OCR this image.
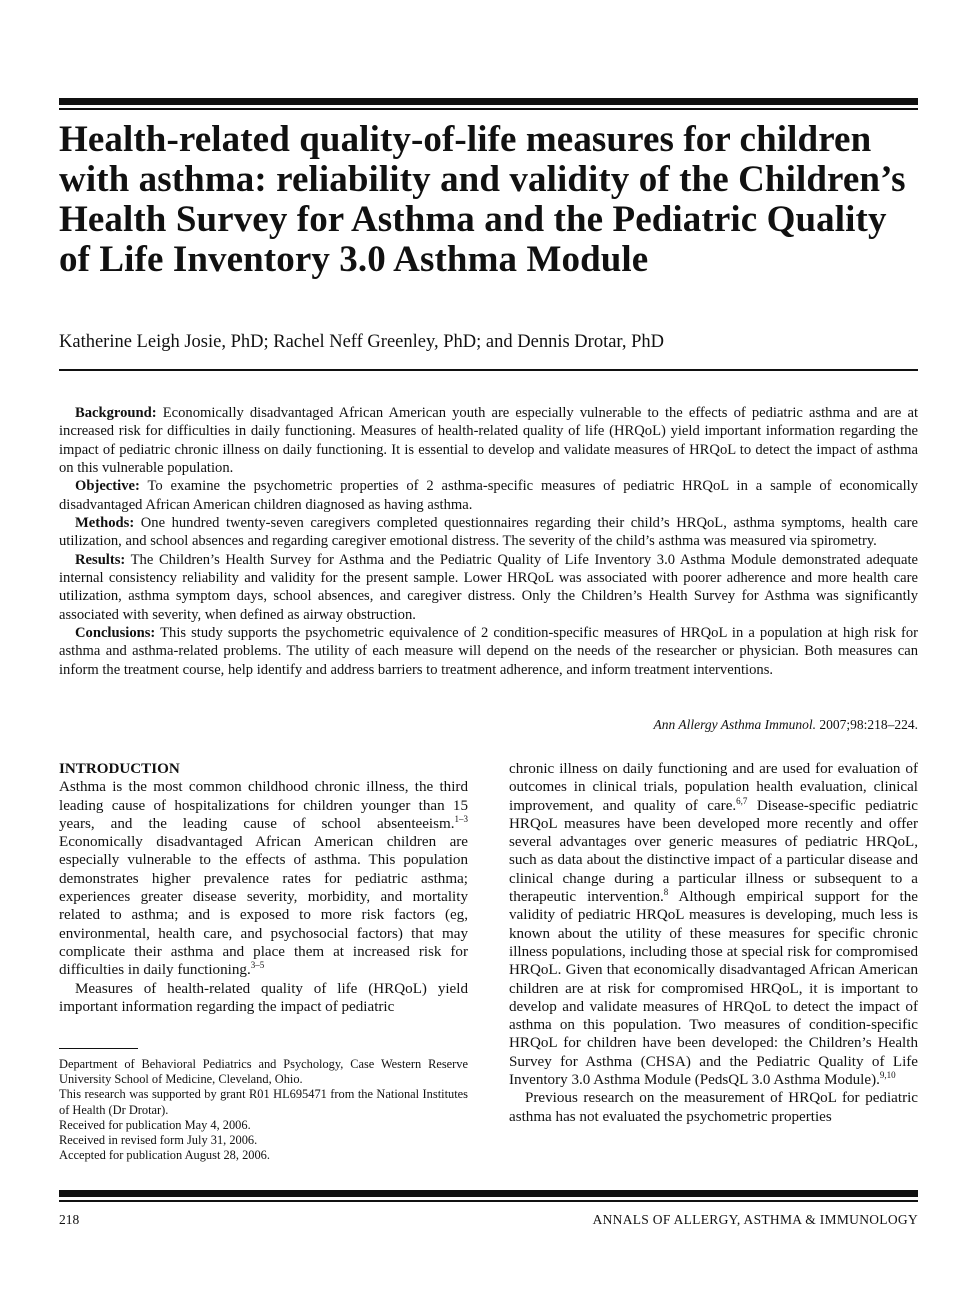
Health-related quality-of-life measures for children with asthma: reliability and validity of the Children’s Health Survey for Asthma and the Pediatric Quality of Life Inventory 3.0 Asthma Module
Katherine Leigh Josie, PhD; Rachel Neff Greenley, PhD; and Dennis Drotar, PhD

Background: Economically disadvantaged African American youth are especially vulnerable to the effects of pediatric asthma and are at increased risk for difficulties in daily functioning. Measures of health-related quality of life (HRQoL) yield important information regarding the impact of pediatric chronic illness on daily functioning. It is essential to develop and validate measures of HRQoL to detect the impact of asthma on this vulnerable population.

Objective: To examine the psychometric properties of 2 asthma-specific measures of pediatric HRQoL in a sample of economically disadvantaged African American children diagnosed as having asthma.

Methods: One hundred twenty-seven caregivers completed questionnaires regarding their child’s HRQoL, asthma symptoms, health care utilization, and school absences and regarding caregiver emotional distress. The severity of the child’s asthma was measured via spirometry.

Results: The Children’s Health Survey for Asthma and the Pediatric Quality of Life Inventory 3.0 Asthma Module demonstrated adequate internal consistency reliability and validity for the present sample. Lower HRQoL was associated with poorer adherence and more health care utilization, asthma symptom days, school absences, and caregiver distress. Only the Children’s Health Survey for Asthma was significantly associated with severity, when defined as airway obstruction.

Conclusions: This study supports the psychometric equivalence of 2 condition-specific measures of HRQoL in a population at high risk for asthma and asthma-related problems. The utility of each measure will depend on the needs of the researcher or physician. Both measures can inform the treatment course, help identify and address barriers to treatment adherence, and inform treatment interventions.

Ann Allergy Asthma Immunol. 2007;98:218–224.

INTRODUCTION

Asthma is the most common childhood chronic illness, the third leading cause of hospitalizations for children younger than 15 years, and the leading cause of school absenteeism.$^{1-3}$ Economically disadvantaged African American children are especially vulnerable to the effects of asthma. This population demonstrates higher prevalence rates for pediatric asthma; experiences greater disease severity, morbidity, and mortality related to asthma; and is exposed to more risk factors (eg, environmental, health care, and psychosocial factors) that may complicate their asthma and place them at increased risk for difficulties in daily functioning.$^{3-5}$

Measures of health-related quality of life (HRQoL) yield important information regarding the impact of pediatric

chronic illness on daily functioning and are used for evaluation of outcomes in clinical trials, population health evaluation, clinical improvement, and quality of care.$^{6,7}$ Disease-specific pediatric HRQoL measures have been developed more recently and offer several advantages over generic measures of pediatric HRQoL, such as data about the distinctive impact of a particular disease and clinical change during a particular illness or subsequent to a therapeutic intervention.$^8$ Although empirical support for the validity of pediatric HRQoL measures is developing, much less is known about the utility of these measures for specific chronic illness populations, including those at special risk for compromised HRQoL. Given that economically disadvantaged African American children are at risk for compromised HRQoL, it is important to develop and validate measures of HRQoL to detect the impact of asthma on this population. Two measures of condition-specific HRQoL for children have been developed: the Children’s Health Survey for Asthma (CHSA) and the Pediatric Quality of Life Inventory 3.0 Asthma Module (PedsQL 3.0 Asthma Module).$^{9,10}$

Previous research on the measurement of HRQoL for pediatric asthma has not evaluated the psychometric properties

Department of Behavioral Pediatrics and Psychology, Case Western Reserve University School of Medicine, Cleveland, Ohio.

This research was supported by grant R01 HL695471 from the National Institutes of Health (Dr Drotar).

Received for publication May 4, 2006.

Received in revised form July 31, 2006.

Accepted for publication August 28, 2006.

218	ANNALS OF ALLERGY, ASTHMA & IMMUNOLOGY
